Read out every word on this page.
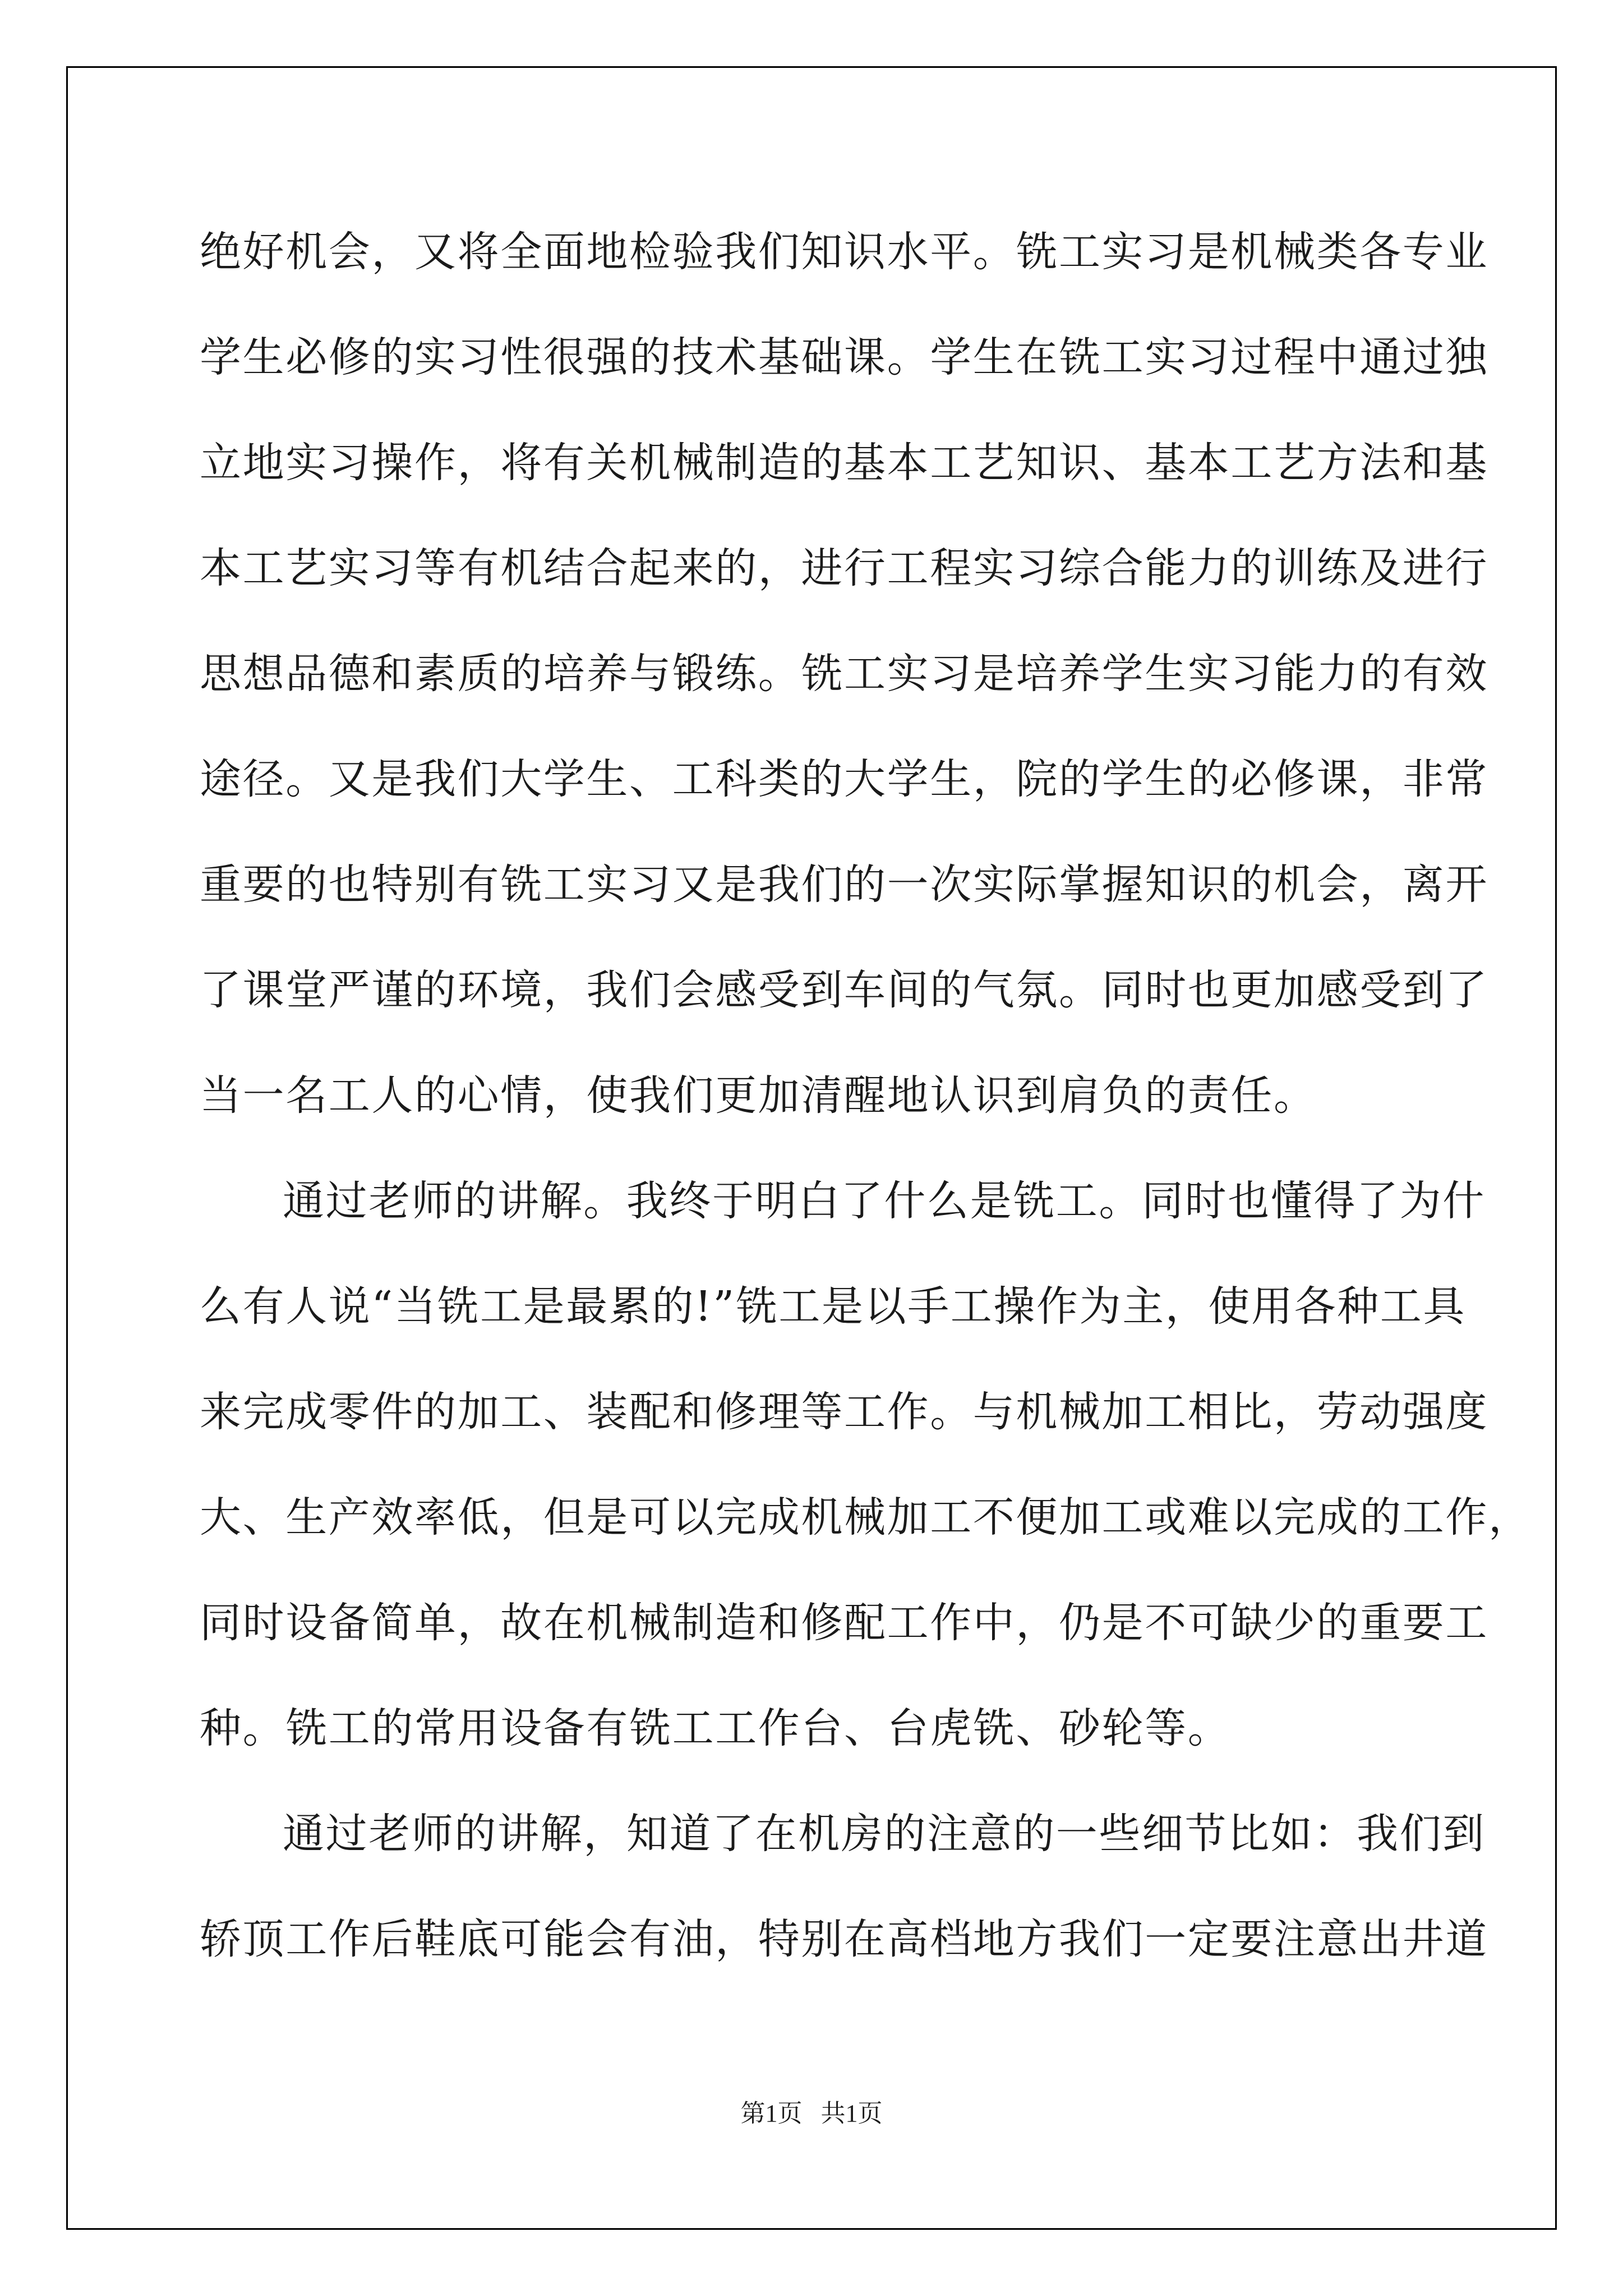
绝好机会，又将全面地检验我们知识水平。铣工实习是机械类各专业
学生必修的实习性很强的技术基础课。学生在铣工实习过程中通过独
立地实习操作，将有关机械制造的基本工艺知识、基本工艺方法和基
本工艺实习等有机结合起来的，进行工程实习综合能力的训练及进行
思想品德和素质的培养与锻练。铣工实习是培养学生实习能力的有效
途径。又是我们大学生、工科类的大学生，院的学生的必修课，非常
重要的也特别有铣工实习又是我们的一次实际掌握知识的机会，离开
了课堂严谨的环境，我们会感受到车间的气氛。同时也更加感受到了
当一名工人的心情，使我们更加清醒地认识到肩负的责任。
通过老师的讲解。我终于明白了什么是铣工。同时也懂得了为什
么有人说“当铣工是最累的!”铣工是以手工操作为主，使用各种工具
来完成零件的加工、装配和修理等工作。与机械加工相比，劳动强度
大、生产效率低，但是可以完成机械加工不便加工或难以完成的工作，
同时设备简单，故在机械制造和修配工作中，仍是不可缺少的重要工
种。铣工的常用设备有铣工工作台、台虎铣、砂轮等。
通过老师的讲解，知道了在机房的注意的一些细节比如：我们到
轿顶工作后鞋底可能会有油，特别在高档地方我们一定要注意出井道
第1页   共1页
